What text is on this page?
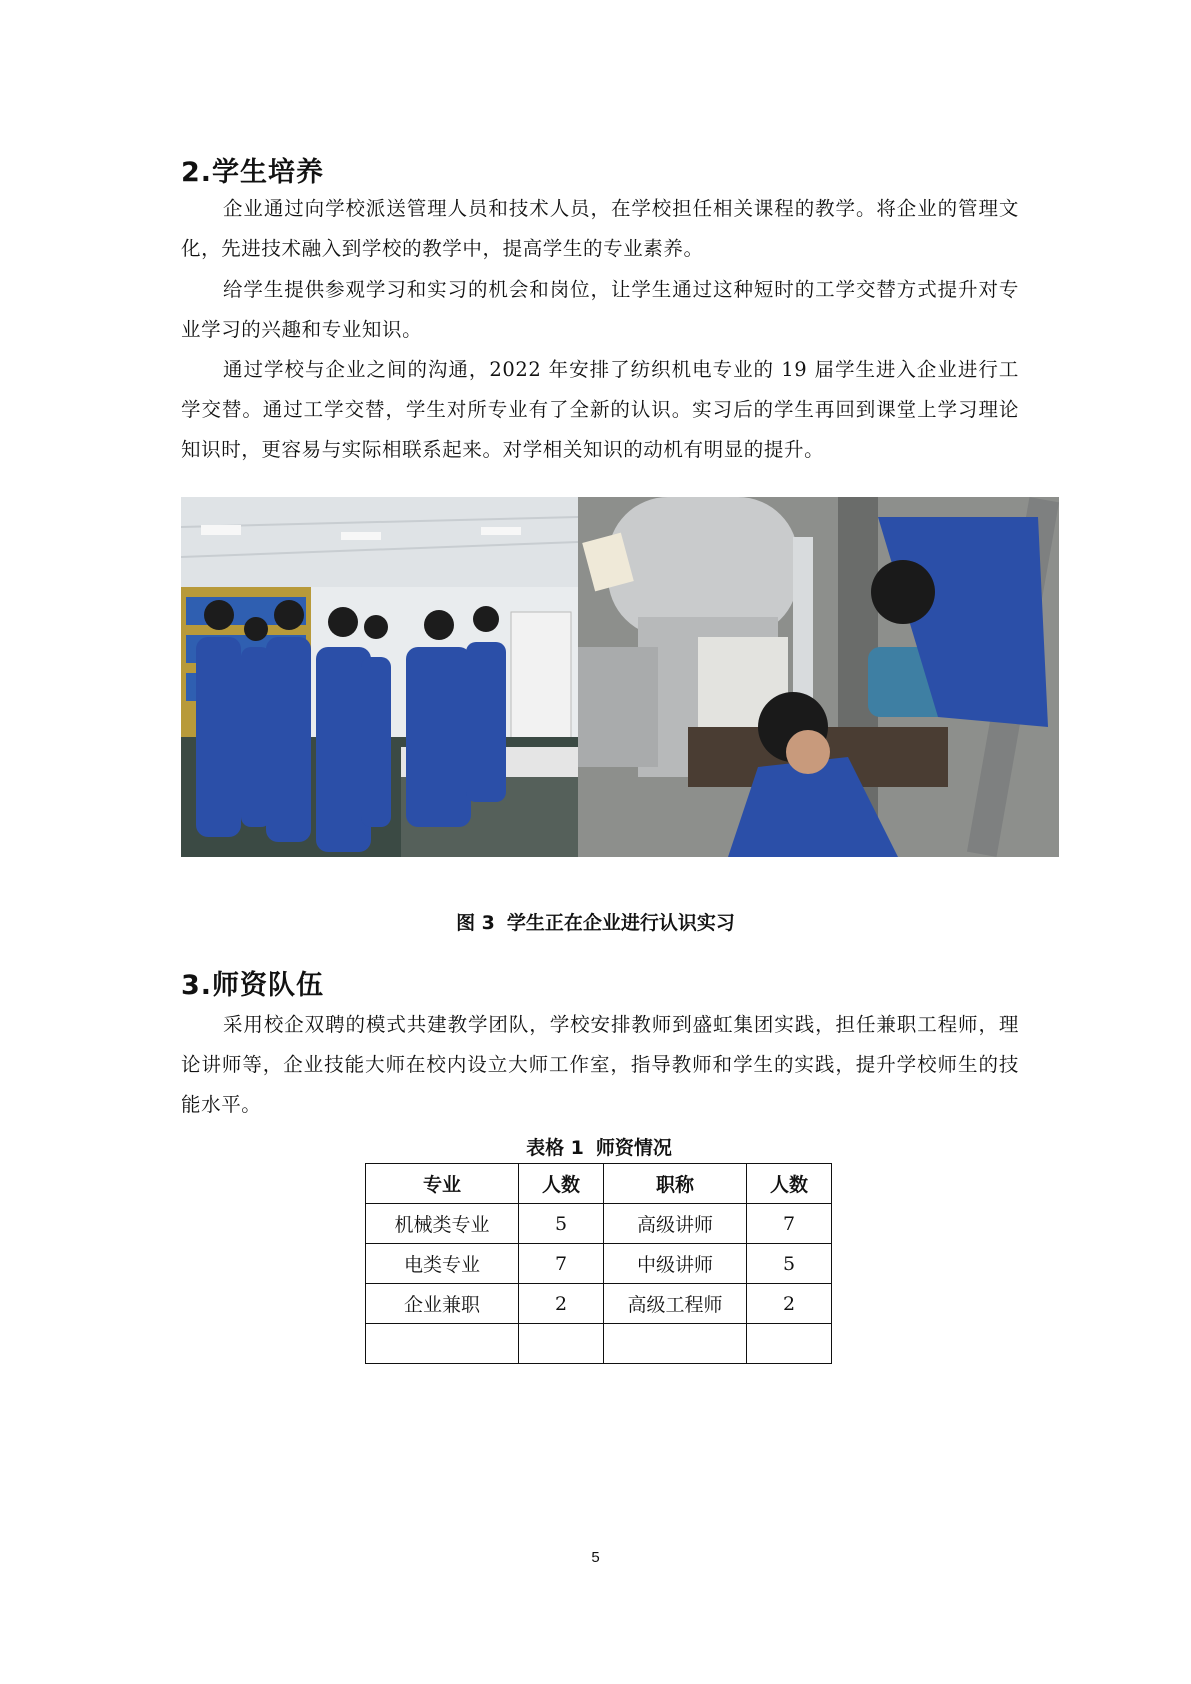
2.学生培养

企业通过向学校派送管理人员和技术人员，在学校担任相关课程的教学。将企业的管理文化，先进技术融入到学校的教学中，提高学生的专业素养。

给学生提供参观学习和实习的机会和岗位，让学生通过这种短时的工学交替方式提升对专业学习的兴趣和专业知识。

通过学校与企业之间的沟通，2022 年安排了纺织机电专业的 19 届学生进入企业进行工学交替。通过工学交替，学生对所专业有了全新的认识。实习后的学生再回到课堂上学习理论知识时，更容易与实际相联系起来。对学相关知识的动机有明显的提升。

图 3 学生正在企业进行认识实习

3.师资队伍

采用校企双聘的模式共建教学团队，学校安排教师到盛虹集团实践，担任兼职工程师，理论讲师等，企业技能大师在校内设立大师工作室，指导教师和学生的实践，提升学校师生的技能水平。

表格 1 师资情况

专业	人数	职称	人数
机械类专业	5	高级讲师	7
电类专业	7	中级讲师	5
企业兼职	2	高级工程师	2

5
